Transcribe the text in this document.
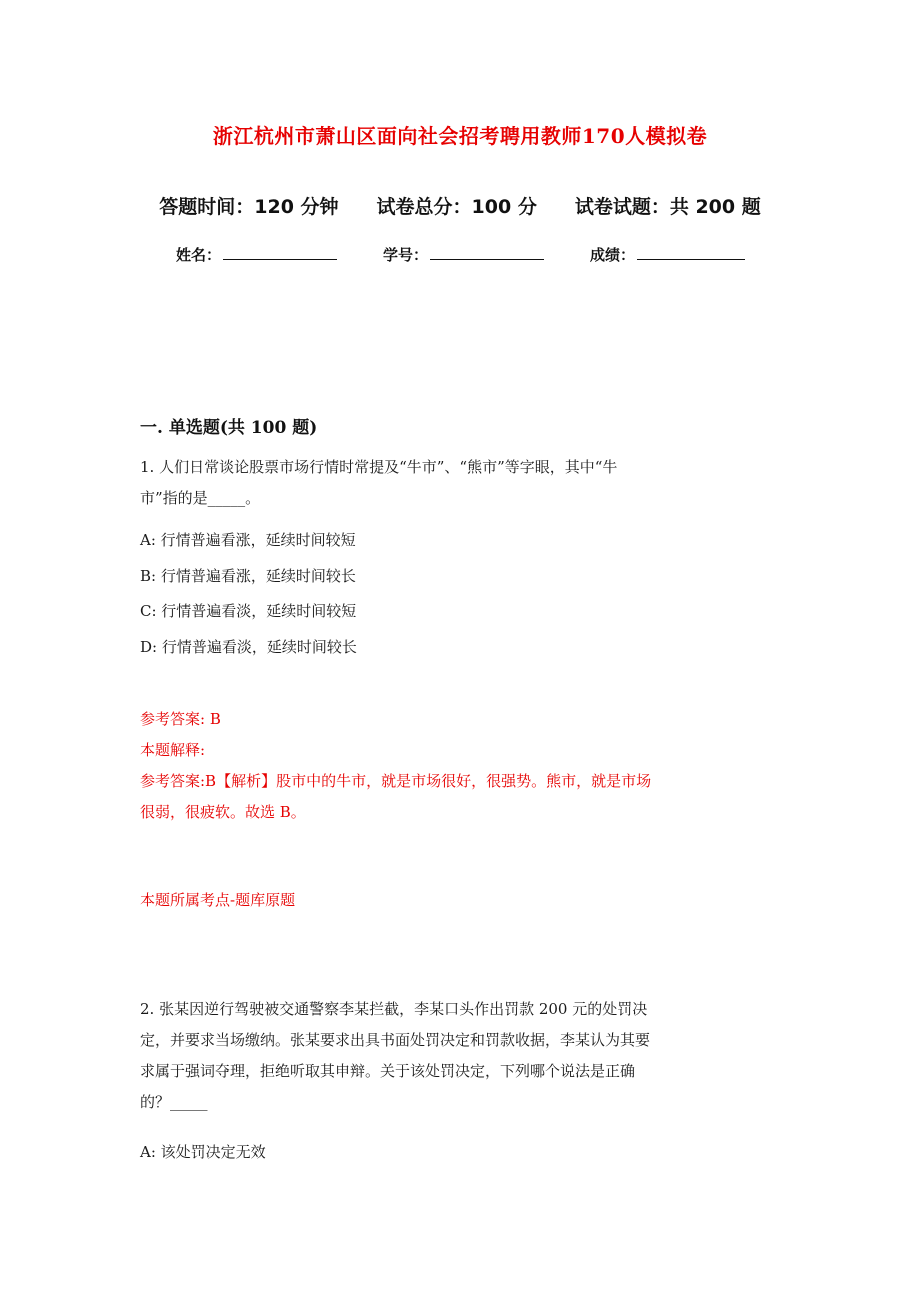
浙江杭州市萧山区面向社会招考聘用教师170人模拟卷
答题时间：120 分钟 试卷总分：100 分 试卷试题：共 200 题
姓名：	学号：	成绩：
一. 单选题(共 100 题)
1. 人们日常谈论股票市场行情时常提及“牛市”、“熊市”等字眼，其中“牛
市”指的是_____。
A: 行情普遍看涨，延续时间较短
B: 行情普遍看涨，延续时间较长
C: 行情普遍看淡，延续时间较短
D: 行情普遍看淡，延续时间较长
参考答案: B
本题解释:
参考答案:B【解析】股市中的牛市，就是市场很好，很强势。熊市，就是市场
很弱，很疲软。故选 B。
本题所属考点-题库原题
2. 张某因逆行驾驶被交通警察李某拦截，李某口头作出罚款 200 元的处罚决
定，并要求当场缴纳。张某要求出具书面处罚决定和罚款收据，李某认为其要
求属于强词夺理，拒绝听取其申辩。关于该处罚决定，下列哪个说法是正确
的？_____
A: 该处罚决定无效
